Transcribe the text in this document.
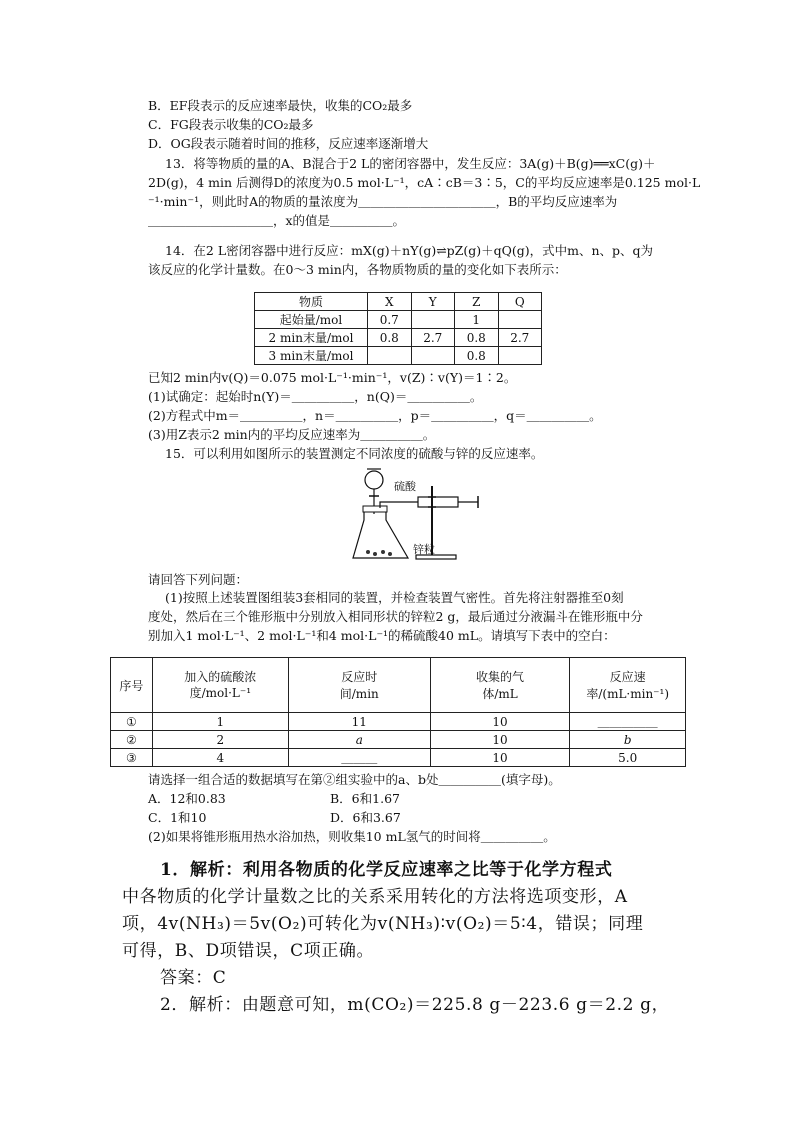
B．EF段表示的反应速率最快，收集的CO₂最多
C．FG段表示收集的CO₂最多
D．OG段表示随着时间的推移，反应速率逐渐增大
13．将等物质的量的A、B混合于2 L的密闭容器中，发生反应：3A(g)＋B(g)══xC(g)＋
2D(g)，4 min 后测得D的浓度为0.5 mol·L⁻¹，cA∶cB＝3∶5，C的平均反应速率是0.125 mol·L
⁻¹·min⁻¹，则此时A的物质的量浓度为＿＿＿＿＿＿＿＿＿＿＿，B的平均反应速率为
＿＿＿＿＿＿＿＿＿＿，x的值是＿＿＿＿＿。
14．在2 L密闭容器中进行反应：mX(g)＋nY(g)⇌pZ(g)＋qQ(g)，式中m、n、p、q为
该反应的化学计量数。在0～3 min内，各物质物质的量的变化如下表所示：
物质	X	Y	Z	Q
起始量/mol	0.7		1	
2 min末量/mol	0.8	2.7	0.8	2.7
3 min末量/mol			0.8	
已知2 min内v(Q)＝0.075 mol·L⁻¹·min⁻¹，v(Z)∶v(Y)＝1∶2。
(1)试确定：起始时n(Y)＝＿＿＿＿＿，n(Q)＝＿＿＿＿＿。
(2)方程式中m＝＿＿＿＿＿，n＝＿＿＿＿＿，p＝＿＿＿＿＿，q＝＿＿＿＿＿。
(3)用Z表示2 min内的平均反应速率为＿＿＿＿＿。
15．可以利用如图所示的装置测定不同浓度的硫酸与锌的反应速率。
硫酸
锌粒
请回答下列问题：
(1)按照上述装置图组装3套相同的装置，并检查装置气密性。首先将注射器推至0刻
度处，然后在三个锥形瓶中分别放入相同形状的锌粒2 g，最后通过分液漏斗在锥形瓶中分
别加入1 mol·L⁻¹、2 mol·L⁻¹和4 mol·L⁻¹的稀硫酸40 mL。请填写下表中的空白：
序号	加入的硫酸浓度/mol·L⁻¹	反应时间/min	收集的气体/mL	反应速率/(mL·min⁻¹)
①	1	11	10	＿＿＿＿＿
②	2	a	10	b
③	4	＿＿＿	10	5.0
请选择一组合适的数据填写在第②组实验中的a、b处＿＿＿＿＿(填字母)。
A．12和0.83	B．6和1.67
C．1和10	D．6和3.67
(2)如果将锥形瓶用热水浴加热，则收集10 mL氢气的时间将＿＿＿＿＿。
1．解析：利用各物质的化学反应速率之比等于化学方程式
中各物质的化学计量数之比的关系采用转化的方法将选项变形，A
项，4v(NH₃)＝5v(O₂)可转化为v(NH₃)∶v(O₂)＝5∶4，错误；同理
可得，B、D项错误，C项正确。
答案：C
2．解析：由题意可知，m(CO₂)＝225.8 g－223.6 g＝2.2 g，
